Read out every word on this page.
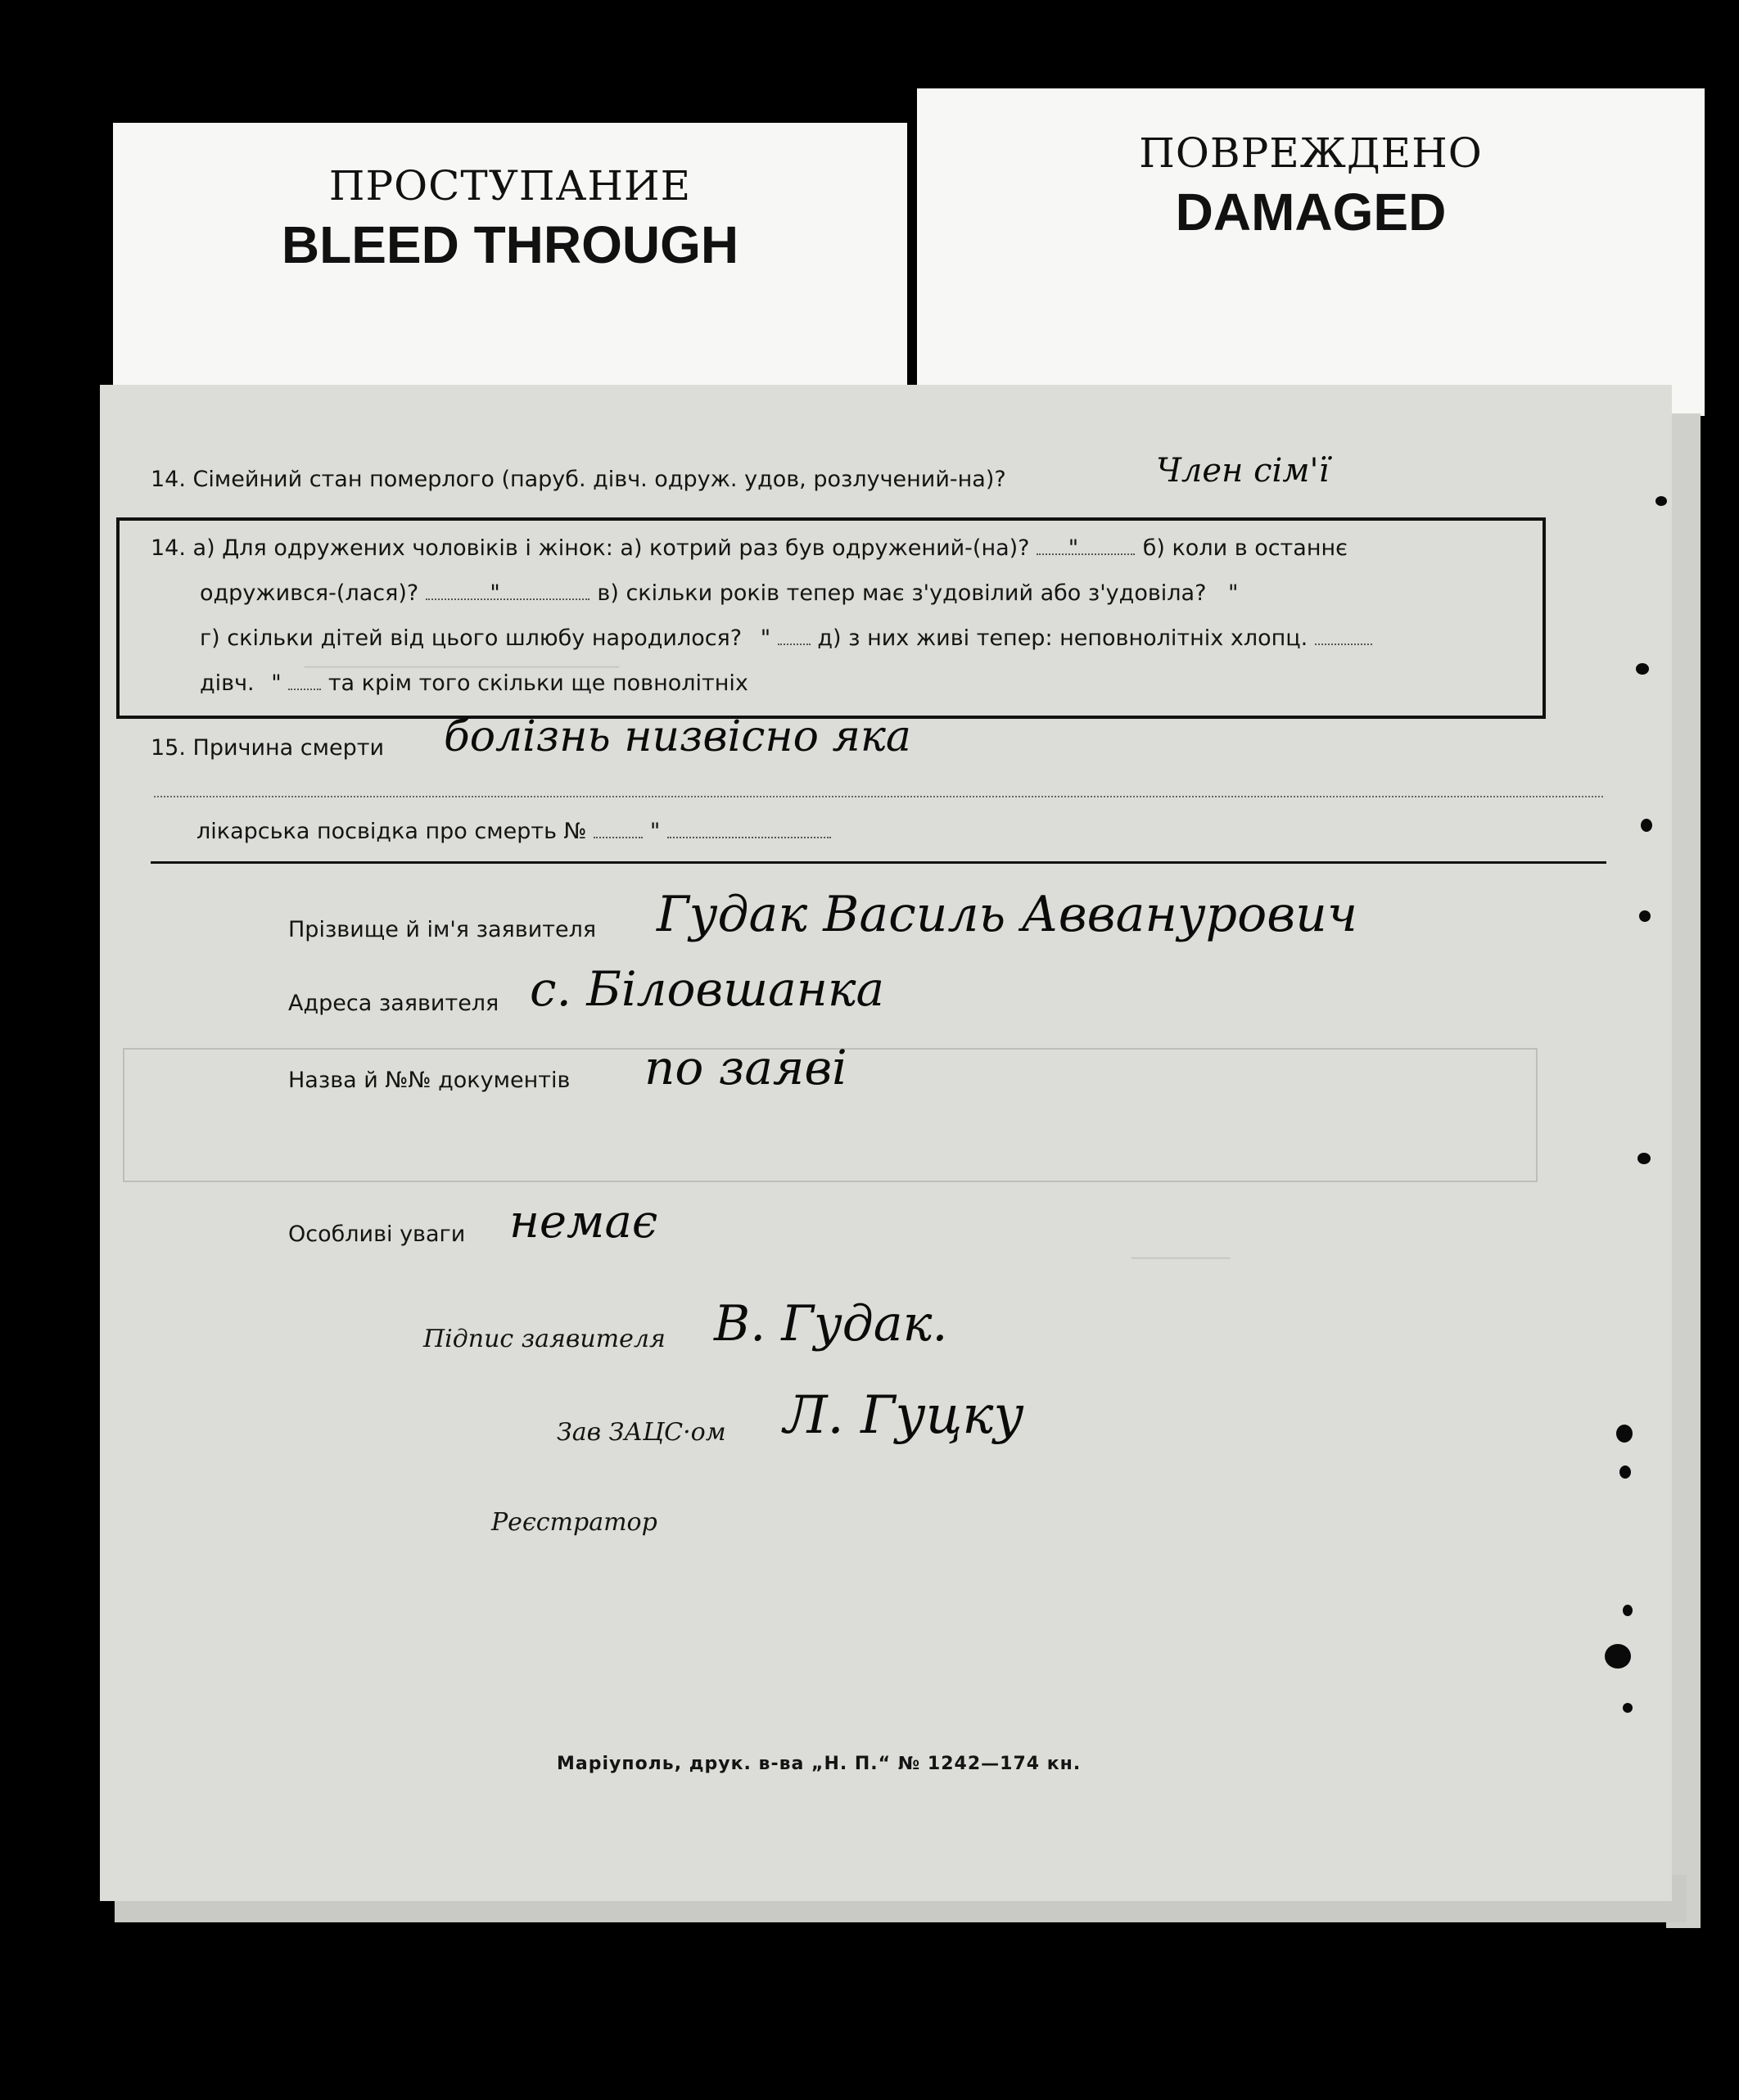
ПРОСТУПАНИЕ
BLEED THROUGH
ПОВРЕЖДЕНО
DAMAGED
________________________________
__________
14. Сімейний стан померлого (паруб. дівч. одруж. удов, розлучений-на)?	Член сім'ї
14. а) Для одружених чоловіків і жінок: а) котрий раз був одружений-(на)? "	б) коли в останнє
одружився-(лася)?	"	в) скільки років тепер має з'удовілий або з'удовіла? "
г) скільки дітей від цього шлюбу народилося? " д) з них живі тепер: неповнолітніх хлопц.
дівч. " та крім того скільки ще повнолітніх
15. Причина смерти болізнь низвісно яка
лікарська посвідка про смерть №	"
Прізвище й ім'я заявителя Гудак Василь Авванурович
Адреса заявителя с. Біловшанка
Назва й №№ документів по заяві
Особливі уваги немає
Підпис заявителя В. Гудак.
Зав ЗАЦС·ом Л. Гуцку
Реєстратор
Маріуполь, друк. в-ва „Н. П.“ № 1242—174 кн.
